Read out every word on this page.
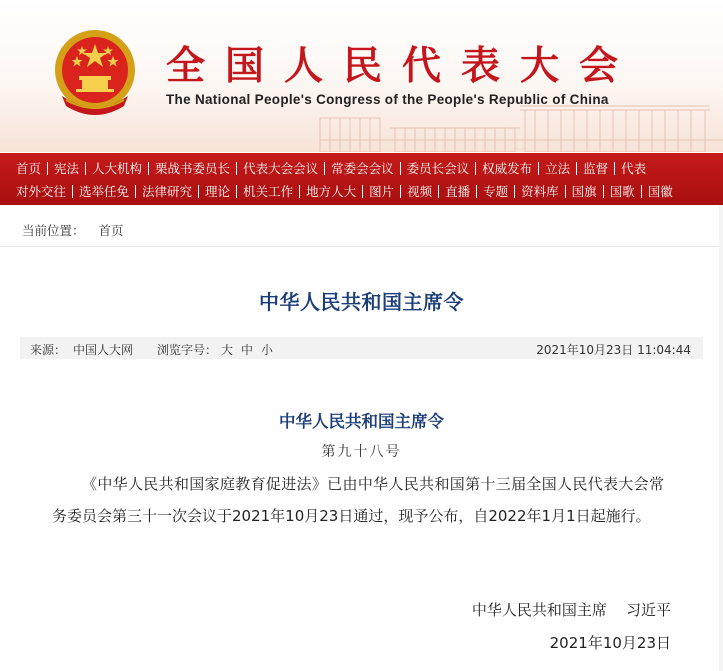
全国人民代表大会
The National People's Congress of the People's Republic of China
首页	宪法	人大机构	栗战书委员长	代表大会会议	常委会会议	委员长会议	权威发布	立法	监督	代表
对外交往	选举任免	法律研究	理论	机关工作	地方人大	图片	视频	直播	专题	资料库	国旗	国歌	国徽
当前位置： 首页
中华人民共和国主席令
来源： 中国人大网 浏览字号： 大 中 小	2021年10月23日 11:04:44
中华人民共和国主席令
第九十八号
《中华人民共和国家庭教育促进法》已由中华人民共和国第十三届全国人民代表大会常务委员会第三十一次会议于2021年10月23日通过，现予公布，自2022年1月1日起施行。
中华人民共和国主席    习近平
2021年10月23日
